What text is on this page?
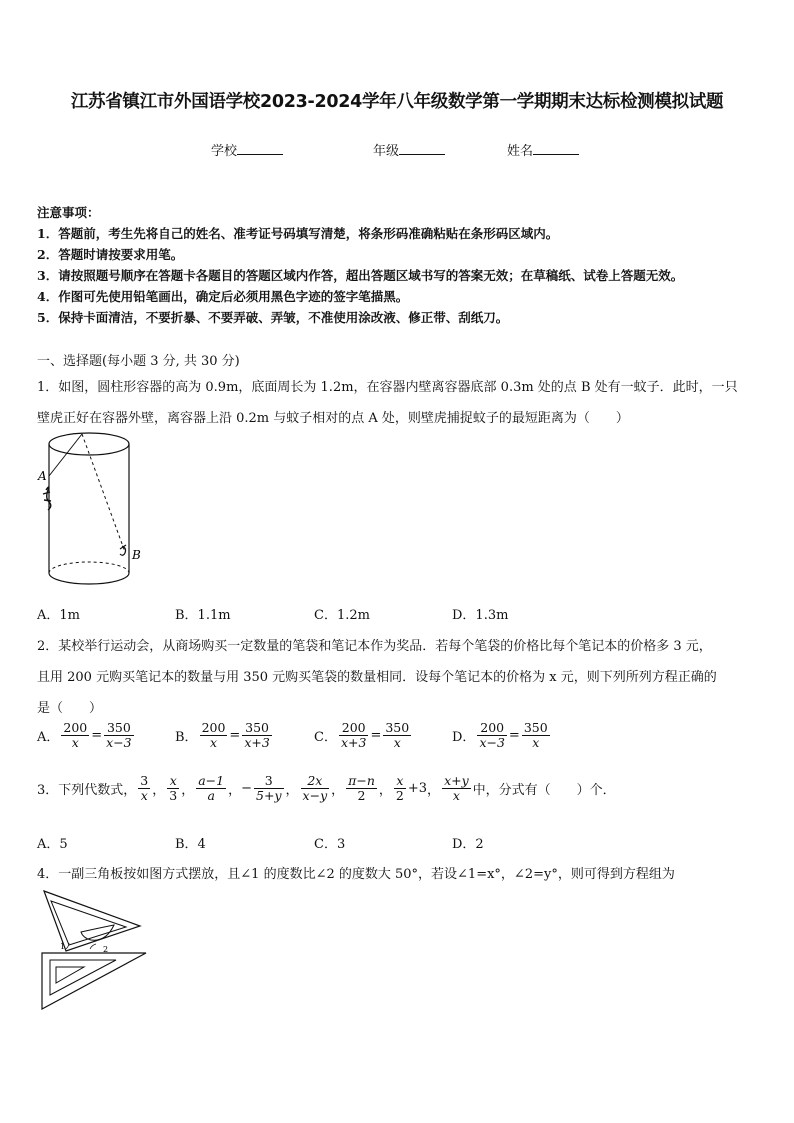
江苏省镇江市外国语学校2023-2024学年八年级数学第一学期期末达标检测模拟试题
学校	年级	姓名
注意事项：
1．答题前，考生先将自己的姓名、准考证号码填写清楚，将条形码准确粘贴在条形码区域内。
2．答题时请按要求用笔。
3．请按照题号顺序在答题卡各题目的答题区域内作答，超出答题区域书写的答案无效；在草稿纸、试卷上答题无效。
4．作图可先使用铅笔画出，确定后必须用黑色字迹的签字笔描黑。
5．保持卡面清洁，不要折暴、不要弄破、弄皱，不准使用涂改液、修正带、刮纸刀。
一、选择题(每小题 3 分, 共 30 分)
1．如图，圆柱形容器的高为 0.9m，底面周长为 1.2m，在容器内壁离容器底部 0.3m 处的点 B 处有一蚊子．此时，一只
壁虎正好在容器外壁，离容器上沿 0.2m 与蚊子相对的点 A 处，则壁虎捕捉蚊子的最短距离为（　　）
A
B
A．1m	B．1.1m	C．1.2m	D．1.3m
2．某校举行运动会，从商场购买一定数量的笔袋和笔记本作为奖品．若每个笔袋的价格比每个笔记本的价格多 3 元，
且用 200 元购买笔记本的数量与用 350 元购买笔袋的数量相同．设每个笔记本的价格为 x 元，则下列所列方程正确的
是（　　）
A． $\frac{200}{x} = \frac{350}{x-3}$	B． $\frac{200}{x} = \frac{350}{x+3}$	C． $\frac{200}{x+3} = \frac{350}{x}$	D． $\frac{200}{x-3} = \frac{350}{x}$
3．下列代数式， $\frac{3}{x}$ ， $\frac{x}{3}$ ， $\frac{a-1}{a}$ ， − $\frac{3}{5+y}$ ， $\frac{2x}{x-y}$ ， $\frac{\pi-n}{2}$ ， $\frac{x}{2} +3$ ， $\frac{x+y}{x}$ 中，分式有（　　）个．
A．5	B．4	C．3	D．2
4．一副三角板按如图方式摆放，且∠1 的度数比∠2 的度数大 50°，若设∠1=x°，∠2=y°，则可得到方程组为
1	2
